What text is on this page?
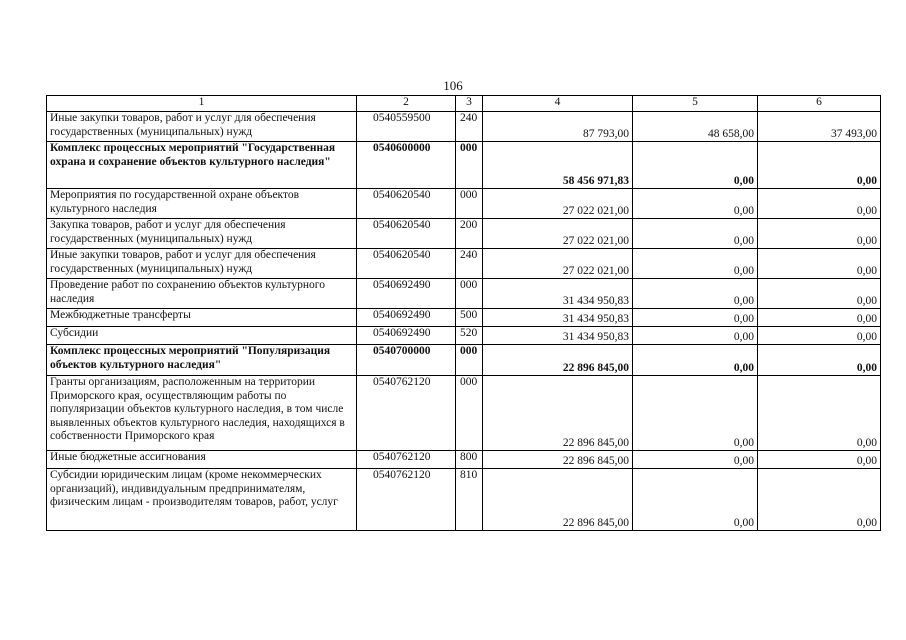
106
1	2	3	4	5	6
Иные закупки товаров, работ и услуг для обеспечения государственных (муниципальных) нужд	0540559500	240	87 793,00	48 658,00	37 493,00
Комплекс процессных мероприятий "Государственная охрана и сохранение объектов культурного наследия"	0540600000	000	58 456 971,83	0,00	0,00
Мероприятия по государственной охране объектов культурного наследия	0540620540	000	27 022 021,00	0,00	0,00
Закупка товаров, работ и услуг для обеспечения государственных (муниципальных) нужд	0540620540	200	27 022 021,00	0,00	0,00
Иные закупки товаров, работ и услуг для обеспечения государственных (муниципальных) нужд	0540620540	240	27 022 021,00	0,00	0,00
Проведение работ по сохранению объектов культурного наследия	0540692490	000	31 434 950,83	0,00	0,00
Межбюджетные трансферты	0540692490	500	31 434 950,83	0,00	0,00
Субсидии	0540692490	520	31 434 950,83	0,00	0,00
Комплекс процессных мероприятий "Популяризация объектов культурного наследия"	0540700000	000	22 896 845,00	0,00	0,00
Гранты организациям, расположенным на территории Приморского края, осуществляющим работы по популяризации объектов культурного наследия, в том числе выявленных объектов культурного наследия, находящихся в собственности Приморского края	0540762120	000	22 896 845,00	0,00	0,00
Иные бюджетные ассигнования	0540762120	800	22 896 845,00	0,00	0,00
Субсидии юридическим лицам (кроме некоммерческих организаций), индивидуальным предпринимателям, физическим лицам - производителям товаров, работ, услуг	0540762120	810	22 896 845,00	0,00	0,00
